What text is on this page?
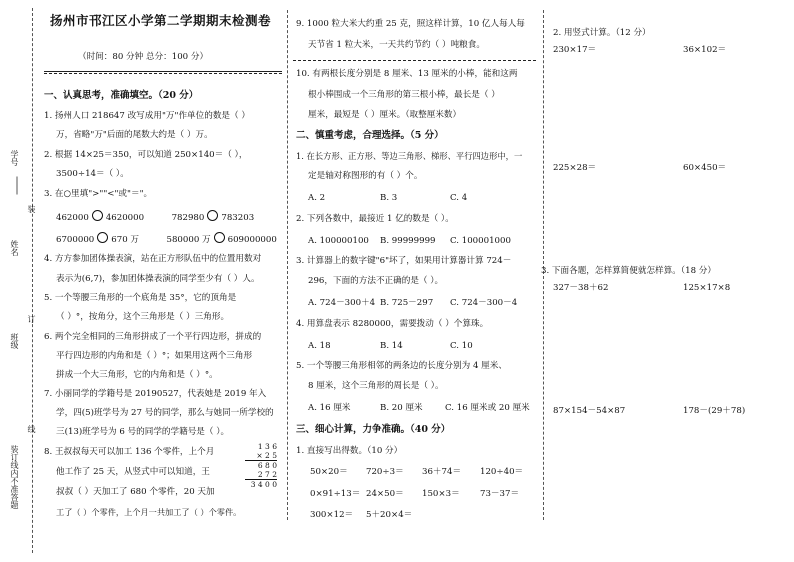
学号
姓名
班级
装订线内不准答题
装
订
线
扬州市邗江区小学第二学期期末检测卷
（时间：80 分钟 总分：100 分）
一、认真思考，准确填空。（20 分）
1. 扬州人口 218647 改写成用"万"作单位的数是（ ）
万，省略"万"后面的尾数大约是（ ）万。
2. 根据 14×25＝350，可以知道 250×140＝（ ），
3500÷14＝（ ）。
3. 在○里填">""<"或"＝"。
462000 4620000	782980 783203
6700000 670 万	580000 万 609000000
4. 方方参加团体操表演，站在正方形队伍中的位置用数对
表示为(6,7)，参加团体操表演的同学至少有（ ）人。
5. 一个等腰三角形的一个底角是 35°，它的顶角是
（ ）°，按角分，这个三角形是（ ）三角形。
6. 两个完全相同的三角形拼成了一个平行四边形，拼成的
平行四边形的内角和是（ ）°；如果用这两个三角形
拼成一个大三角形，它的内角和是（ ）°。
7. 小丽同学的学籍号是 20190527，代表她是 2019 年入
学，四(5)班学号为 27 号的同学，那么与她同一所学校的
三(13)班学号为 6 号的同学的学籍号是（ ）。
8. 王叔叔每天可以加工 136 个零件，上个月
他工作了 25 天，从竖式中可以知道，王
叔叔（ ）天加工了 680 个零件，20 天加
工了（ ）个零件，上个月一共加工了（ ）个零件。
1 3 6
× 2 5
6 8 0
2 7 2
3 4 0 0
9. 1000 粒大米大约重 25 克，照这样计算，10 亿人每人每
天节省 1 粒大米，一天共约节约（ ）吨粮食。
10. 有两根长度分别是 8 厘米、13 厘米的小棒，能和这两
根小棒围成一个三角形的第三根小棒，最长是（ ）
厘米，最短是（ ）厘米。（取整厘米数）
二、慎重考虑，合理选择。（5 分）
1. 在长方形、正方形、等边三角形、梯形、平行四边形中，一
定是轴对称图形的有（ ）个。
A. 2	B. 3	C. 4
2. 下列各数中，最接近 1 亿的数是（ ）。
A. 100000100 B. 99999999 C. 100001000
3. 计算器上的数字键"6"坏了，如果用计算器计算 724－
296，下面的方法不正确的是（ ）。
A. 724－300＋4 B. 725－297 C. 724－300－4
4. 用算盘表示 8280000，需要拨动（ ）个算珠。
A. 18	B. 14	C. 10
5. 一个等腰三角形相邻的两条边的长度分别为 4 厘米、
8 厘米，这个三角形的周长是（ ）。
A. 16 厘米	B. 20 厘米	C. 16 厘米或 20 厘米
三、细心计算，力争准确。（40 分）
1. 直接写出得数。（10 分）
50×20＝ 720÷3＝ 36＋74＝ 120÷40＝
0×91÷13＝ 24×50＝ 150×3＝ 73－37＝
300×12＝ 5＋20×4＝
2. 用竖式计算。（12 分）
230×17＝	36×102＝
225×28＝	60×450＝
3. 下面各题，怎样算简便就怎样算。（18 分）
327－38＋62	125×17×8
87×154－54×87	178－(29＋78)
